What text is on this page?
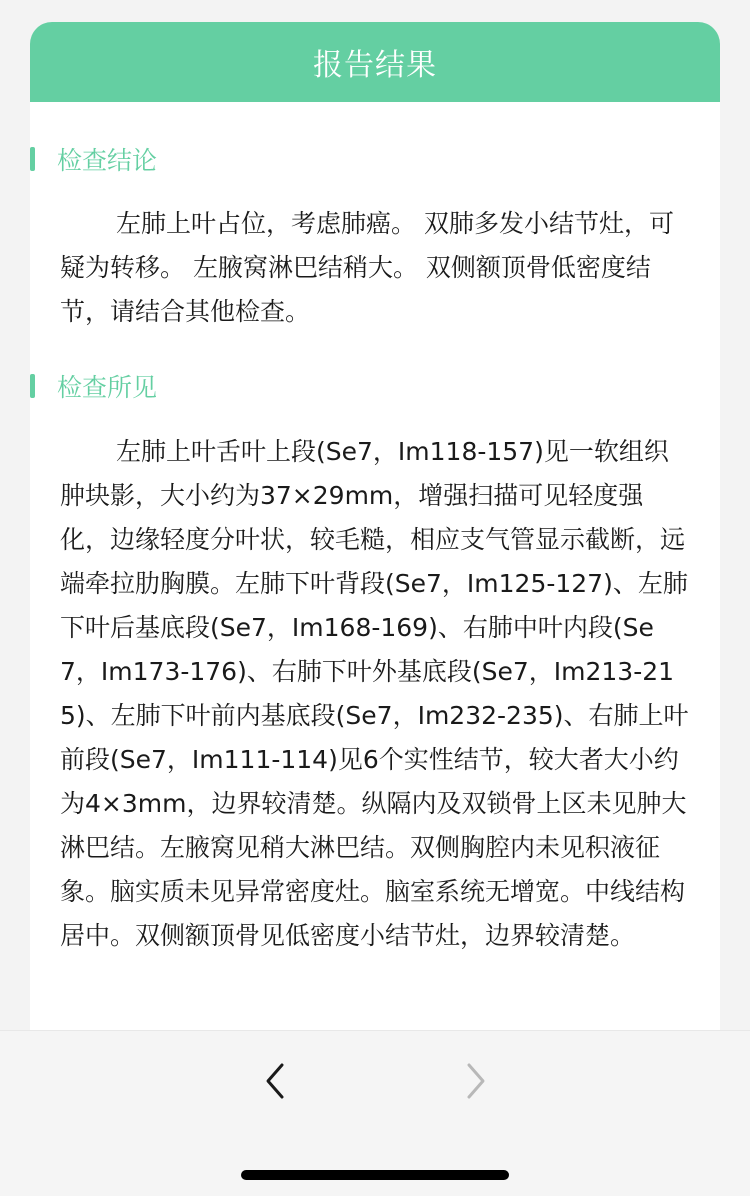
报告结果
检查结论

左肺上叶占位，考虑肺癌。 双肺多发小结节灶，可疑为转移。 左腋窝淋巴结稍大。 双侧额顶骨低密度结节，请结合其他检查。

检查所见

左肺上叶舌叶上段(Se7，Im118-157)见一软组织肿块影，大小约为37×29mm，增强扫描可见轻度强化，边缘轻度分叶状，较毛糙，相应支气管显示截断，远端牵拉肋胸膜。左肺下叶背段(Se7，Im125-127)、左肺下叶后基底段(Se7，Im168-169)、右肺中叶内段(Se7，Im173-176)、右肺下叶外基底段(Se7，Im213-215)、左肺下叶前内基底段(Se7，Im232-235)、右肺上叶前段(Se7，Im111-114)见6个实性结节，较大者大小约为4×3mm，边界较清楚。纵隔内及双锁骨上区未见肿大淋巴结。左腋窝见稍大淋巴结。双侧胸腔内未见积液征象。脑实质未见异常密度灶。脑室系统无增宽。中线结构居中。双侧额顶骨见低密度小结节灶，边界较清楚。
